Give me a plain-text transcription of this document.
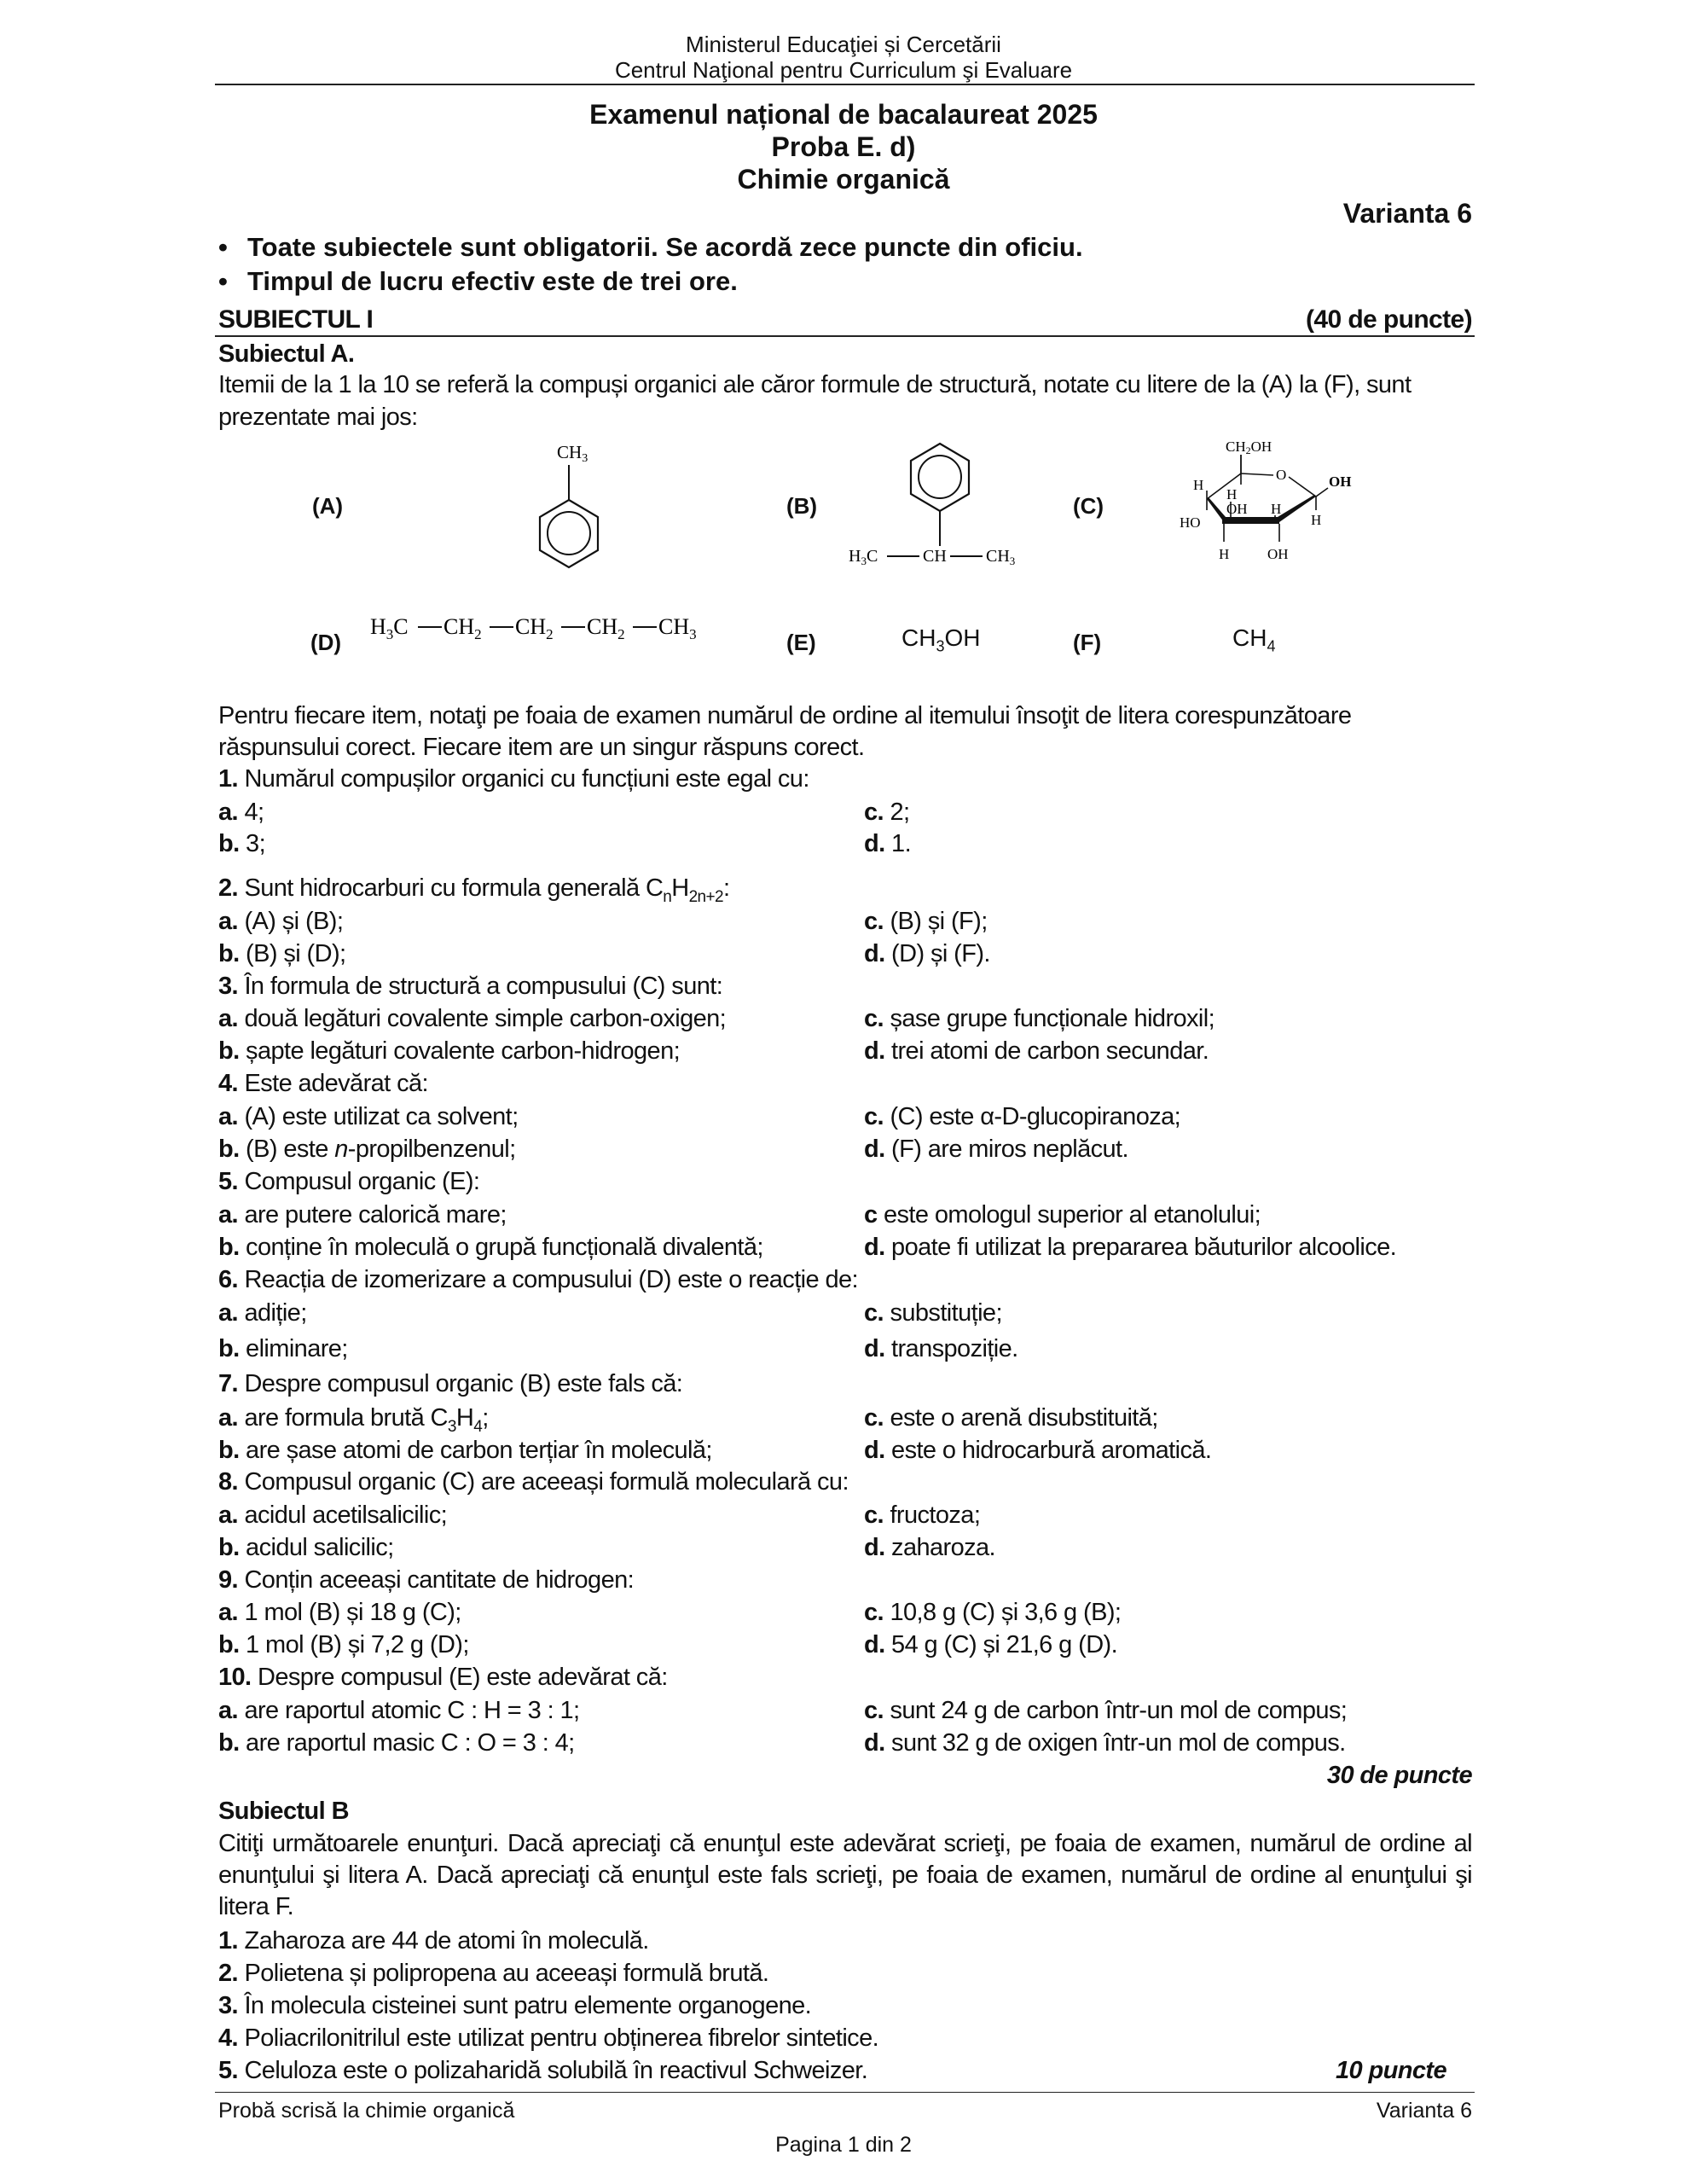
Ministerul Educaţiei și Cercetării
Centrul Naţional pentru Curriculum şi Evaluare
Examenul național de bacalaureat 2025
Proba E. d)
Chimie organică
Varianta 6
• Toate subiectele sunt obligatorii. Se acordă zece puncte din oficiu.
• Timpul de lucru efectiv este de trei ore.
SUBIECTUL I	(40 de puncte)
Subiectul A.
Itemii de la 1 la 10 se referă la compuși organici ale căror formule de structură, notate cu litere de la (A) la (F), sunt
prezentate mai jos:
(A)
CH3
(B)
$H_3C$	CH $CH_3$
(C)
CH2OH
O	OH
H
H
HO
H
OH H
H	OH
(D)
$H_3C$ $CH_2$ $CH_2$ $CH_2$ $CH_3$	(E)	$CH_3OH$	(F)	$CH_4$
Pentru fiecare item, notaţi pe foaia de examen numărul de ordine al itemului însoţit de litera corespunzătoare
răspunsului corect. Fiecare item are un singur răspuns corect.
1. Numărul compușilor organici cu funcțiuni este egal cu:
a. 4;	c. 2;
b. 3;	d. 1.
2. Sunt hidrocarburi cu formula generală $C_nH_{2n+2}$:
a. (A) și (B);	c. (B) și (F);
b. (B) și (D);	d. (D) și (F).
3. În formula de structură a compusului (C) sunt:
a. două legături covalente simple carbon-oxigen;	c. șase grupe funcționale hidroxil;
b. șapte legături covalente carbon-hidrogen;	d. trei atomi de carbon secundar.
4. Este adevărat că:
a. (A) este utilizat ca solvent;	c. (C) este α-D-glucopiranoza;
b. (B) este n-propilbenzenul;	d. (F) are miros neplăcut.
5. Compusul organic (E):
a. are putere calorică mare;	c este omologul superior al etanolului;
b. conține în moleculă o grupă funcțională divalentă;	d. poate fi utilizat la prepararea băuturilor alcoolice.
6. Reacția de izomerizare a compusului (D) este o reacție de:
a. adiție;	c. substituție;
b. eliminare;	d. transpoziție.
7. Despre compusul organic (B) este fals că:
a. are formula brută $C_3H_4$;	c. este o arenă disubstituită;
b. are șase atomi de carbon terțiar în moleculă;	d. este o hidrocarbură aromatică.
8. Compusul organic (C) are aceeași formulă moleculară cu:
a. acidul acetilsalicilic;	c. fructoza;
b. acidul salicilic;	d. zaharoza.
9. Conțin aceeași cantitate de hidrogen:
a. 1 mol (B) și 18 g (C);	c. 10,8 g (C) și 3,6 g (B);
b. 1 mol (B) și 7,2 g (D);	d. 54 g (C) și 21,6 g (D).
10. Despre compusul (E) este adevărat că:
a. are raportul atomic C : H = 3 : 1;	c. sunt 24 g de carbon într-un mol de compus;
b. are raportul masic C : O = 3 : 4;	d. sunt 32 g de oxigen într-un mol de compus.
30 de puncte
Subiectul B
Citiţi următoarele enunţuri. Dacă apreciaţi că enunţul este adevărat scrieţi, pe foaia de examen, numărul de ordine al enunţului şi litera A. Dacă apreciaţi că enunţul este fals scrieţi, pe foaia de examen, numărul de ordine al enunţului şi litera F.
1. Zaharoza are 44 de atomi în moleculă.
2. Polietena și polipropena au aceeași formulă brută.
3. În molecula cisteinei sunt patru elemente organogene.
4. Poliacrilonitrilul este utilizat pentru obținerea fibrelor sintetice.
5. Celuloza este o polizaharidă solubilă în reactivul Schweizer.	10 puncte
Probă scrisă la chimie organică	Varianta 6
Pagina 1 din 2
